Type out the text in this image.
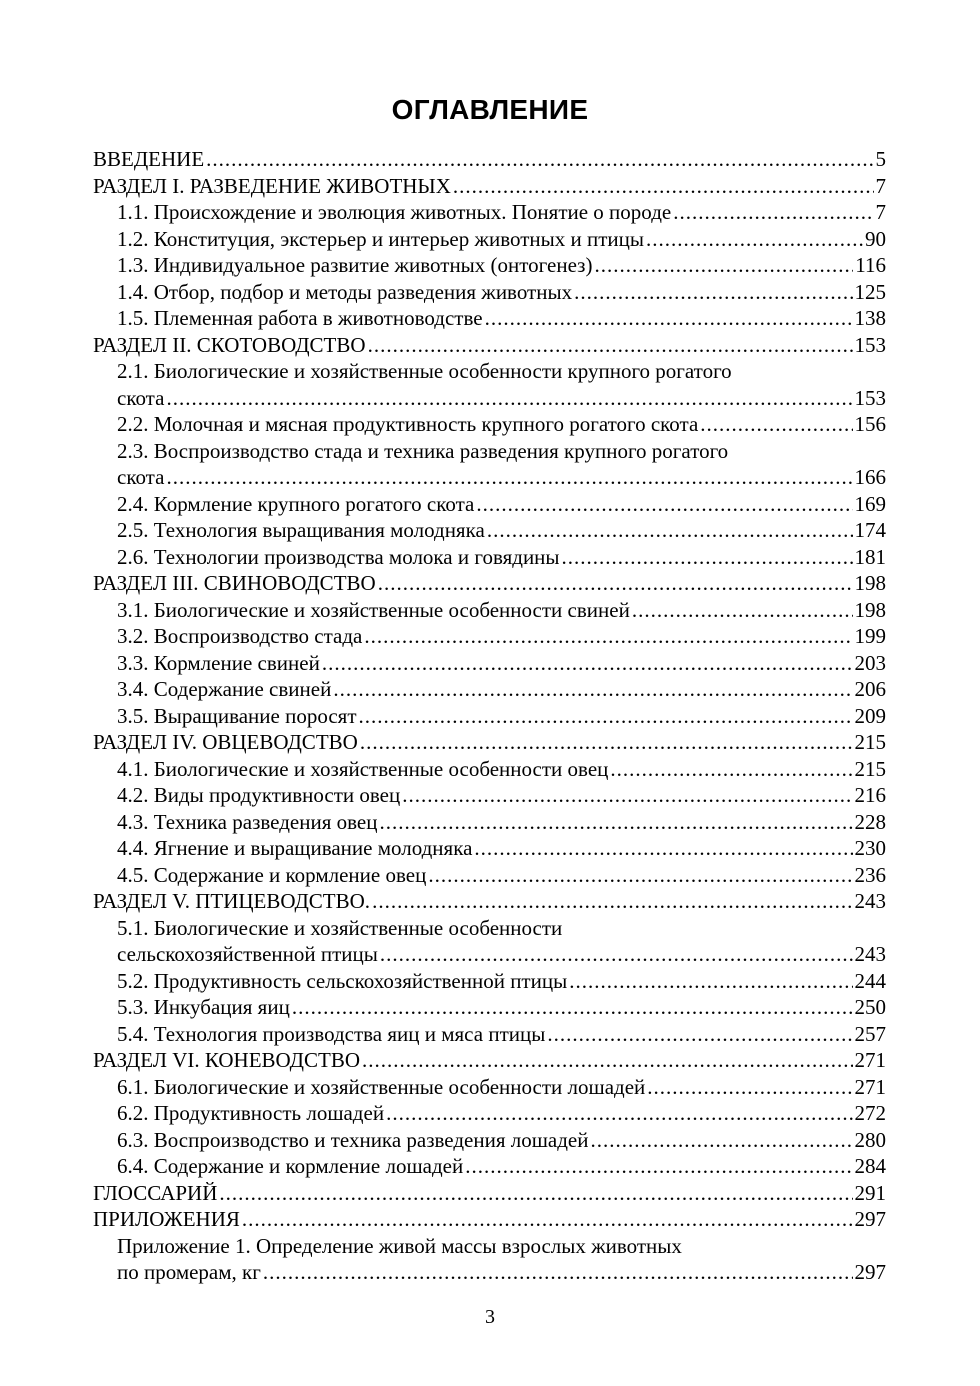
ОГЛАВЛЕНИЕ
ВВЕДЕНИЕ .....	5
РАЗДЕЛ I. РАЗВЕДЕНИЕ ЖИВОТНЫХ .....	7
1.1. Происхождение и эволюция животных. Понятие о породе .....	7
1.2. Конституция, экстерьер и интерьер животных и птицы .....	90
1.3. Индивидуальное развитие животных (онтогенез) .....	116
1.4. Отбор, подбор и методы разведения животных .....	125
1.5. Племенная работа в животноводстве .....	138
РАЗДЕЛ II. СКОТОВОДСТВО .....	153
2.1. Биологические и хозяйственные особенности крупного рогатого
скота .....	153
2.2. Молочная и мясная продуктивность крупного рогатого скота .....	156
2.3. Воспроизводство стада и техника разведения крупного рогатого
скота .....	166
2.4. Кормление крупного рогатого скота .....	169
2.5. Технология выращивания молодняка .....	174
2.6. Технологии производства молока и говядины .....	181
РАЗДЕЛ III. СВИНОВОДСТВО .....	198
3.1. Биологические и хозяйственные особенности свиней .....	198
3.2. Воспроизводство стада .....	199
3.3. Кормление свиней .....	203
3.4. Содержание свиней .....	206
3.5. Выращивание поросят .....	209
РАЗДЕЛ IV. ОВЦЕВОДСТВО .....	215
4.1. Биологические и хозяйственные особенности овец .....	215
4.2. Виды продуктивности овец .....	216
4.3. Техника разведения овец .....	228
4.4. Ягнение и выращивание молодняка .....	230
4.5. Содержание и кормление овец .....	236
РАЗДЕЛ V. ПТИЦЕВОДСТВО. .....	243
5.1. Биологические и хозяйственные особенности
сельскохозяйственной птицы .....	243
5.2. Продуктивность сельскохозяйственной птицы .....	244
5.3. Инкубация яиц .....	250
5.4. Технология производства яиц и мяса птицы .....	257
РАЗДЕЛ VI. КОНЕВОДСТВО .....	271
6.1. Биологические и хозяйственные особенности лошадей .....	271
6.2. Продуктивность лошадей .....	272
6.3. Воспроизводство и техника разведения лошадей .....	280
6.4. Содержание и кормление лошадей .....	284
ГЛОССАРИЙ .....	291
ПРИЛОЖЕНИЯ .....	297
Приложение 1. Определение живой массы взрослых животных
по промерам, кг .....	297
3
